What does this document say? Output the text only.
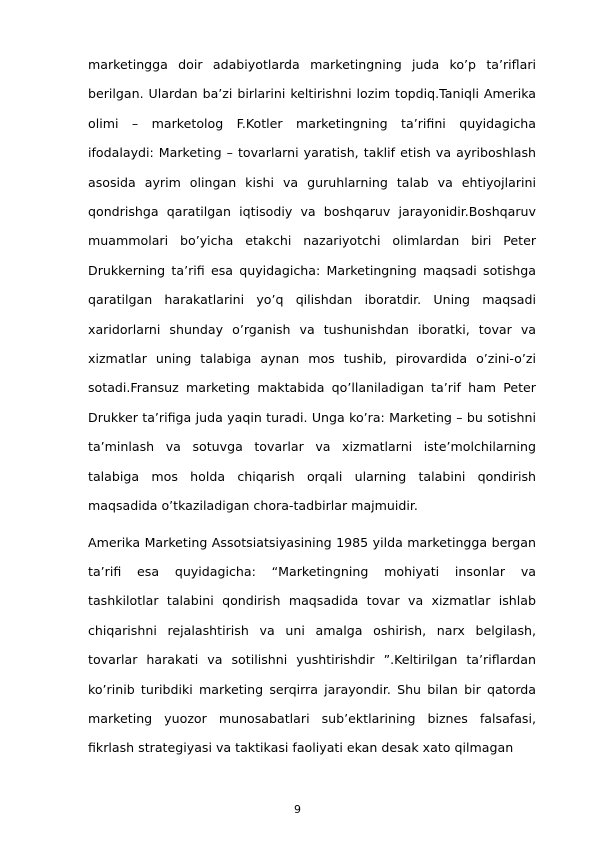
marketingga doir adabiyotlarda marketingning juda ko’p ta’riflari berilgan. Ulardan ba’zi birlarini keltirishni lozim topdiq.Taniqli Amerika olimi – marketolog F.Kotler marketingning ta’rifini quyidagicha ifodalaydi: Marketing – tovarlarni yaratish, taklif etish va ayriboshlash asosida ayrim olingan kishi va guruhlarning talab va ehtiyojlarini qondrishga qaratilgan iqtisodiy va boshqaruv jarayonidir.Boshqaruv muammolari bo’yicha etakchi nazariyotchi olimlardan biri Peter Drukkerning ta’rifi esa quyidagicha: Marketingning maqsadi sotishga qaratilgan harakatlarini yo’q qilishdan iboratdir. Uning maqsadi xaridorlarni shunday o’rganish va tushunishdan iboratki, tovar va xizmatlar uning talabiga aynan mos tushib, pirovardida o’zini-o’zi sotadi.Fransuz marketing maktabida qo’llaniladigan ta’rif ham Peter Drukker ta’rifiga juda yaqin turadi. Unga ko’ra: Marketing – bu sotishni ta’minlash va sotuvga tovarlar va xizmatlarni iste’molchilarning talabiga mos holda chiqarish orqali ularning talabini qondirish maqsadida o’tkaziladigan chora-tadbirlar majmuidir.

Amerika Marketing Assotsiatsiyasining 1985 yilda marketingga bergan ta’rifi esa quyidagicha: “Marketingning mohiyati insonlar va tashkilotlar talabini qondirish maqsadida tovar va xizmatlar ishlab chiqarishni rejalashtirish va uni amalga oshirish, narx belgilash, tovarlar harakati va sotilishni yushtirishdir ”.Keltirilgan ta’riflardan ko’rinib turibdiki marketing serqirra jarayondir. Shu bilan bir qatorda marketing yuozor munosabatlari sub’ektlarining biznes falsafasi, fikrlash strategiyasi va taktikasi faoliyati ekan desak xato qilmagan

9
